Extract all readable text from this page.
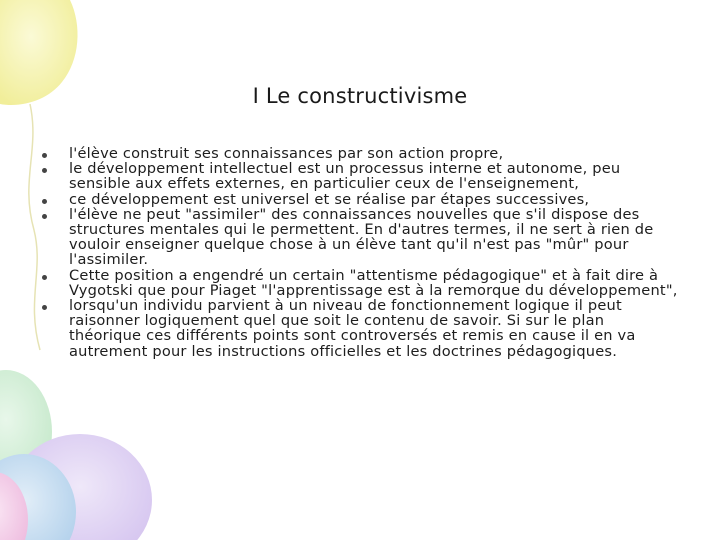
I Le constructivisme
l'élève construit ses connaissances par son action propre,
le développement intellectuel est un processus interne et autonome, peu sensible aux effets externes, en particulier ceux de l'enseignement,
ce développement est universel et se réalise par étapes successives,
l'élève ne peut "assimiler" des connaissances nouvelles que s'il dispose des structures mentales qui le permettent. En d'autres termes, il ne sert à rien de vouloir enseigner quelque chose à un élève tant qu'il n'est pas "mûr" pour l'assimiler.
Cette position a engendré un certain "attentisme pédagogique" et à fait dire à Vygotski que pour Piaget "l'apprentissage est à la remorque du développement",
lorsqu'un individu parvient à un niveau de fonctionnement logique il peut raisonner logiquement quel que soit le contenu de savoir. Si sur le plan théorique ces différents points sont controversés et remis en cause il en va autrement pour les instructions officielles et les doctrines pédagogiques.
